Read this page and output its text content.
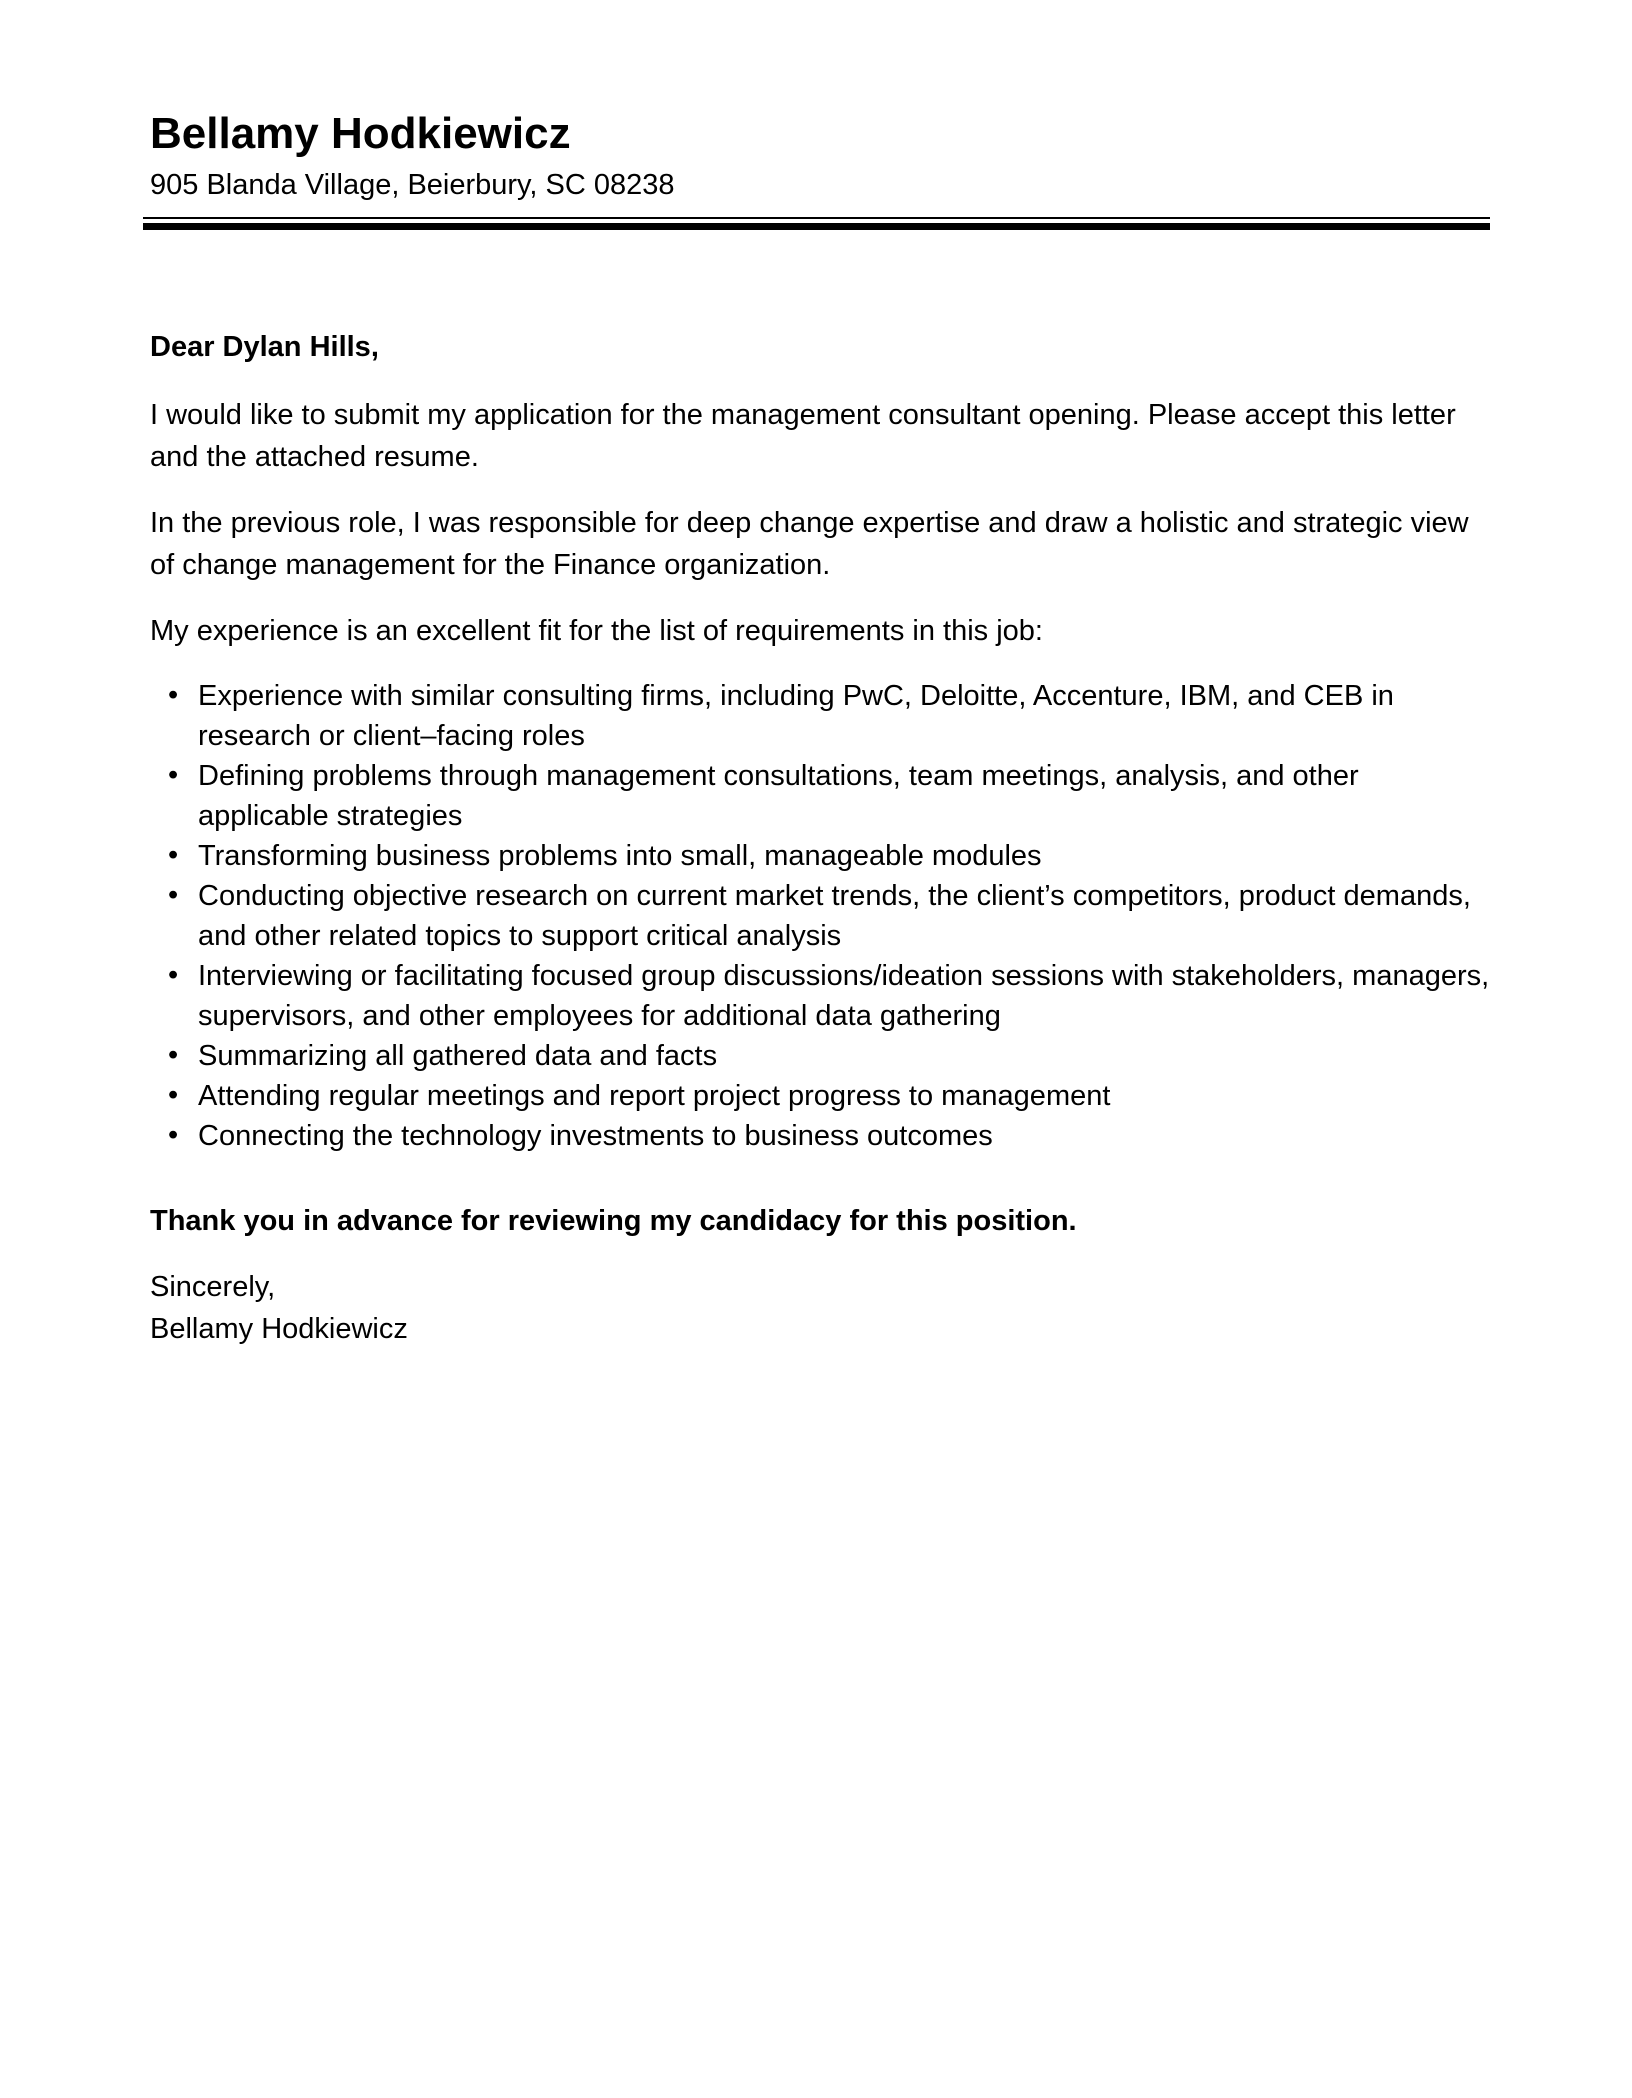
Bellamy Hodkiewicz
905 Blanda Village, Beierbury, SC 08238
Dear Dylan Hills,

I would like to submit my application for the management consultant opening. Please accept this letter and the attached resume.

In the previous role, I was responsible for deep change expertise and draw a holistic and strategic view of change management for the Finance organization.

My experience is an excellent fit for the list of requirements in this job:

• Experience with similar consulting firms, including PwC, Deloitte, Accenture, IBM, and CEB in research or client–facing roles
• Defining problems through management consultations, team meetings, analysis, and other applicable strategies
• Transforming business problems into small, manageable modules
• Conducting objective research on current market trends, the client’s competitors, product demands, and other related topics to support critical analysis
• Interviewing or facilitating focused group discussions/ideation sessions with stakeholders, managers, supervisors, and other employees for additional data gathering
• Summarizing all gathered data and facts
• Attending regular meetings and report project progress to management
• Connecting the technology investments to business outcomes

Thank you in advance for reviewing my candidacy for this position.

Sincerely,
Bellamy Hodkiewicz
